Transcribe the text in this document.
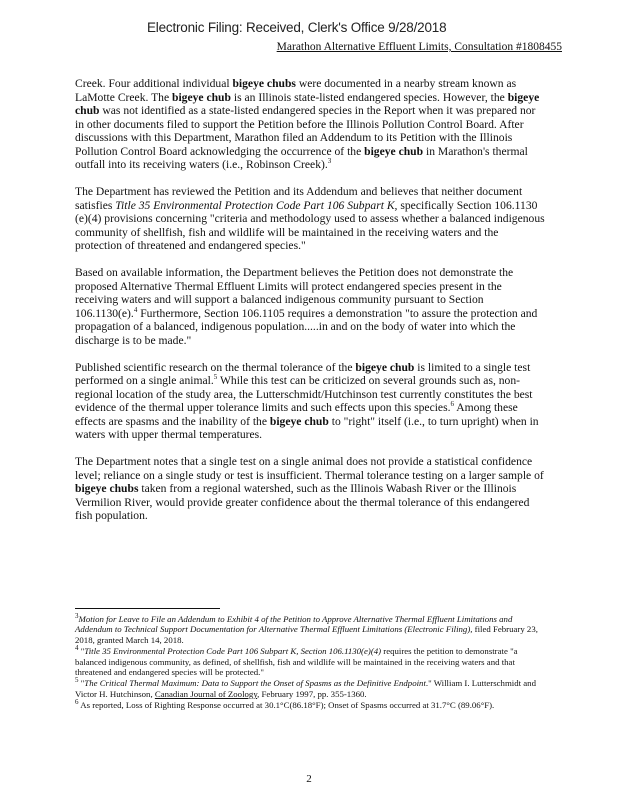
Electronic Filing: Received, Clerk's Office 9/28/2018
Marathon Alternative Effluent Limits, Consultation #1808455

Creek. Four additional individual bigeye chubs were documented in a nearby stream known as LaMotte Creek. The bigeye chub is an Illinois state-listed endangered species. However, the bigeye chub was not identified as a state-listed endangered species in the Report when it was prepared nor in other documents filed to support the Petition before the Illinois Pollution Control Board. After discussions with this Department, Marathon filed an Addendum to its Petition with the Illinois Pollution Control Board acknowledging the occurrence of the bigeye chub in Marathon's thermal outfall into its receiving waters (i.e., Robinson Creek).$^3$

The Department has reviewed the Petition and its Addendum and believes that neither document satisfies Title 35 Environmental Protection Code Part 106 Subpart K, specifically Section 106.1130 (e)(4) provisions concerning "criteria and methodology used to assess whether a balanced indigenous community of shellfish, fish and wildlife will be maintained in the receiving waters and the protection of threatened and endangered species."

Based on available information, the Department believes the Petition does not demonstrate the proposed Alternative Thermal Effluent Limits will protect endangered species present in the receiving waters and will support a balanced indigenous community pursuant to Section 106.1130(e).$^4$ Furthermore, Section 106.1105 requires a demonstration "to assure the protection and propagation of a balanced, indigenous population.....in and on the body of water into which the discharge is to be made."

Published scientific research on the thermal tolerance of the bigeye chub is limited to a single test performed on a single animal.$^5$ While this test can be criticized on several grounds such as, non-regional location of the study area, the Lutterschmidt/Hutchinson test currently constitutes the best evidence of the thermal upper tolerance limits and such effects upon this species.$^6$ Among these effects are spasms and the inability of the bigeye chub to "right" itself (i.e., to turn upright) when in waters with upper thermal temperatures.

The Department notes that a single test on a single animal does not provide a statistical confidence level; reliance on a single study or test is insufficient. Thermal tolerance testing on a larger sample of bigeye chubs taken from a regional watershed, such as the Illinois Wabash River or the Illinois Vermilion River, would provide greater confidence about the thermal tolerance of this endangered fish population.

$^3$Motion for Leave to File an Addendum to Exhibit 4 of the Petition to Approve Alternative Thermal Effluent Limitations and Addendum to Technical Support Documentation for Alternative Thermal Effluent Limitations (Electronic Filing), filed February 23, 2018, granted March 14, 2018.

$^4$ "Title 35 Environmental Protection Code Part 106 Subpart K, Section 106.1130(e)(4) requires the petition to demonstrate "a balanced indigenous community, as defined, of shellfish, fish and wildlife will be maintained in the receiving waters and that threatened and endangered species will be protected."

$^5$ "The Critical Thermal Maximum: Data to Support the Onset of Spasms as the Definitive Endpoint." William I. Lutterschmidt and Victor H. Hutchinson, Canadian Journal of Zoology, February 1997, pp. 355-1360.

$^6$ As reported, Loss of Righting Response occurred at 30.1°C(86.18°F); Onset of Spasms occurred at 31.7°C (89.06°F).

2
